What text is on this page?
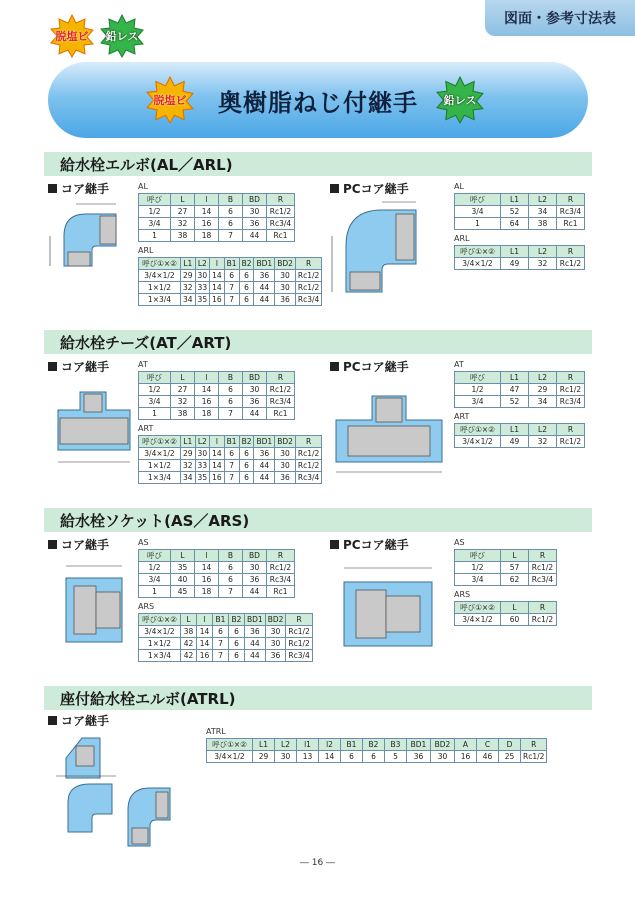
図面・参考寸法表
脱塩ビ 鉛レス
脱塩ビ 奥樹脂ねじ付継手 鉛レス
給水栓エルボ(AL／ARL)
コア継手	PCコア継手
AL
呼び	L	l	B	BD	R
1/2	27	14	6	30	Rc1/2
3/4	32	16	6	36	Rc3/4
1	38	18	7	44	Rc1
ARL
呼び①×②	L1	L2	l	B1	B2	BD1	BD2	R
3/4×1/2	29	30	14	6	6	36	30	Rc1/2
1×1/2	32	33	14	7	6	44	30	Rc1/2
1×3/4	34	35	16	7	6	44	36	Rc3/4
AL
呼び	L1	L2	R
3/4	52	34	Rc3/4
1	64	38	Rc1
ARL
呼び①×②	L1	L2	R
3/4×1/2	49	32	Rc1/2
給水栓チーズ(AT／ART)
コア継手	PCコア継手
AT
呼び	L	l	B	BD	R
1/2	27	14	6	30	Rc1/2
3/4	32	16	6	36	Rc3/4
1	38	18	7	44	Rc1
ART
呼び①×②	L1	L2	l	B1	B2	BD1	BD2	R
3/4×1/2	29	30	14	6	6	36	30	Rc1/2
1×1/2	32	33	14	7	6	44	30	Rc1/2
1×3/4	34	35	16	7	6	44	36	Rc3/4
AT
呼び	L1	L2	R
1/2	47	29	Rc1/2
3/4	52	34	Rc3/4
ART
呼び①×②	L1	L2	R
3/4×1/2	49	32	Rc1/2
給水栓ソケット(AS／ARS)
コア継手	PCコア継手
AS
呼び	L	l	B	BD	R
1/2	35	14	6	30	Rc1/2
3/4	40	16	6	36	Rc3/4
1	45	18	7	44	Rc1
ARS
呼び①×②	L	l	B1	B2	BD1	BD2	R
3/4×1/2	38	14	6	6	36	30	Rc1/2
1×1/2	42	14	7	6	44	30	Rc1/2
1×3/4	42	16	7	6	44	36	Rc3/4
AS
呼び	L	R
1/2	57	Rc1/2
3/4	62	Rc3/4
ARS
呼び①×②	L	R
3/4×1/2	60	Rc1/2
座付給水栓エルボ(ATRL)
コア継手
ATRL
呼び①×②	L1	L2	l1	l2	B1	B2	B3	BD1	BD2	A	C	D	R
3/4×1/2	29	30	13	14	6	6	5	36	30	16	46	25	Rc1/2
― 16 ―
